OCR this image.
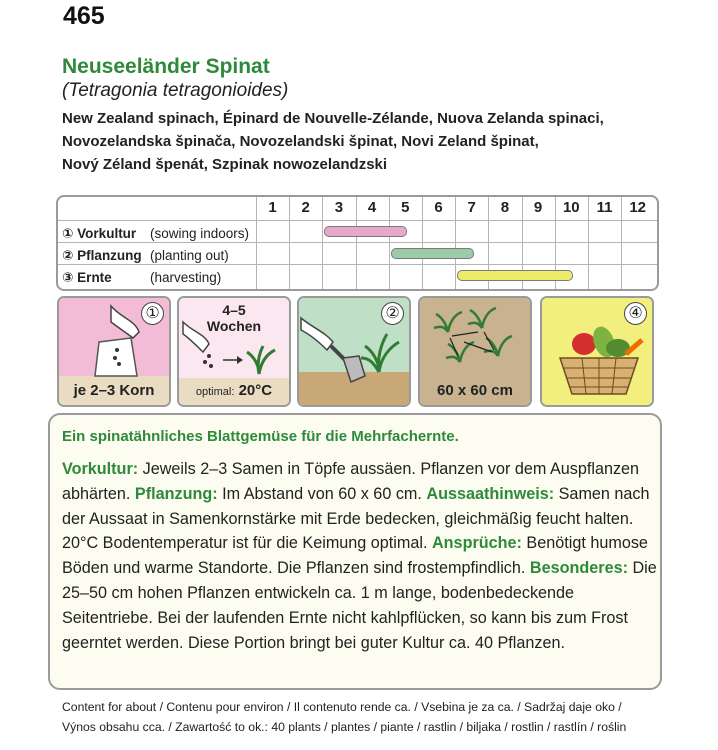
465
Neuseeländer Spinat
(Tetragonia tetragonioides)
New Zealand spinach, Épinard de Nouvelle-Zélande, Nuova Zelanda spinaci,
Novozelandska špinača, Novozelandski špinat, Novi Zeland špinat,
Nový Zéland špenát, Szpinak nowozelandzski
1	2	3	4	5	6	7	8	9	10	11	12
① Vorkultur (sowing indoors)
② Pflanzung (planting out)
③ Ernte	(harvesting)
①
je 2–3 Korn
4–5
Wochen
optimal: 20°C
②
60 x 60 cm
④
Ein spinatähnliches Blattgemüse für die Mehrfachernte.
Vorkultur: Jeweils 2–3 Samen in Töpfe aussäen. Pflanzen vor dem Auspflanzen abhärten. Pflanzung: Im Abstand von 60 x 60 cm. Aussaathinweis: Samen nach der Aussaat in Samenkornstärke mit Erde bedecken, gleichmäßig feucht halten. 20°C Bodentemperatur ist für die Keimung optimal. Ansprüche: Benötigt humose Böden und warme Standorte. Die Pflanzen sind frostempfindlich. Besonderes: Die 25–50 cm hohen Pflanzen entwickeln ca. 1 m lange, bodenbedeckende Seitentriebe. Bei der laufenden Ernte nicht kahlpflücken, so kann bis zum Frost geerntet werden. Diese Portion bringt bei guter Kultur ca. 40 Pflanzen.
Content for about / Contenu pour environ / Il contenuto rende ca. / Vsebina je za ca. / Sadržaj daje oko /
Výnos obsahu cca. / Zawartość to ok.: 40 plants / plantes / piante / rastlin / biljaka / rostlin / rastlín / roślin
